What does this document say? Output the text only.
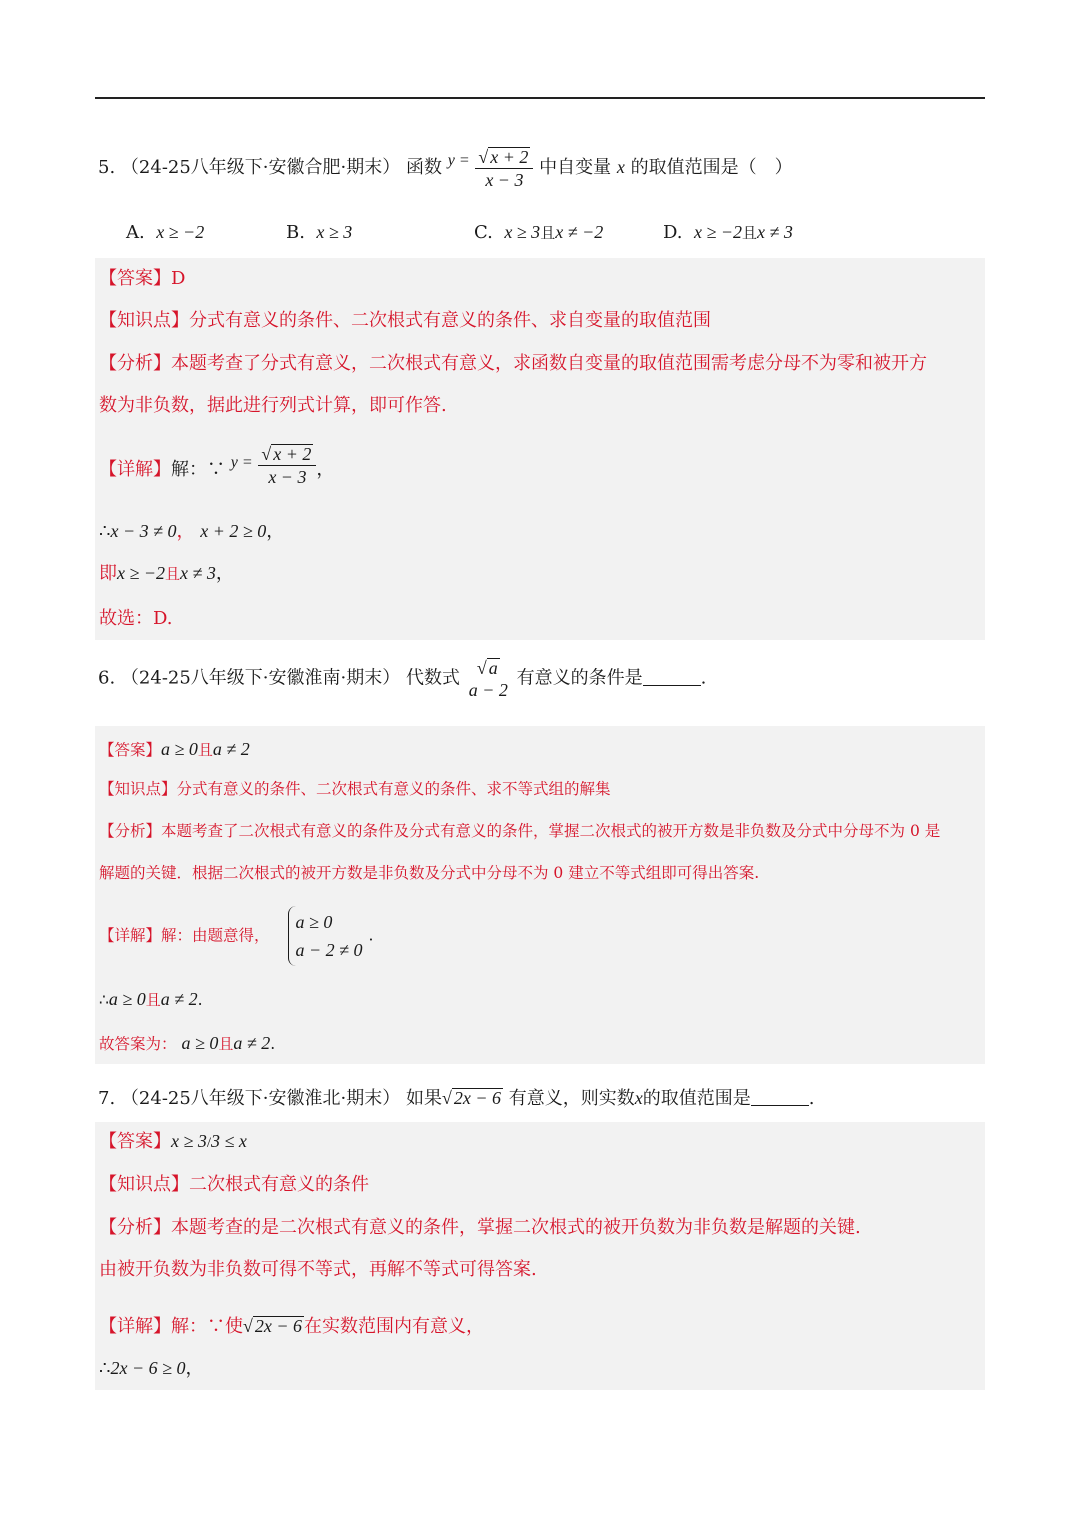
5. （24-25八年级下·安徽合肥·期末） 函数 $y = \frac{√ x + 2}{x - 3}$ 中自变量 x 的取值范围是（　）
A. x ≥ −2	B. x ≥ 3	C. x ≥ 3且x ≠ −2	D. x ≥ −2且x ≠ 3
【答案】D
【知识点】分式有意义的条件、二次根式有意义的条件、求自变量的取值范围
【分析】本题考查了分式有意义，二次根式有意义，求函数自变量的取值范围需考虑分母不为零和被开方
数为非负数，据此进行列式计算，即可作答.
【详解】解：∵ $y = \frac{√ x + 2}{x - 3}$ ，
∴x − 3 ≠ 0， x + 2 ≥ 0，
即x ≥ −2且x ≠ 3，
故选：D.
6. （24-25八年级下·安徽淮南·期末） 代数式 √ a
a − 2
有意义的条件是	.
【答案】a ≥ 0且a ≠ 2
【知识点】分式有意义的条件、二次根式有意义的条件、求不等式组的解集
【分析】本题考查了二次根式有意义的条件及分式有意义的条件，掌握二次根式的被开方数是非负数及分式中分母不为 0 是
解题的关键．根据二次根式的被开方数是非负数及分式中分母不为 0 建立不等式组即可得出答案.
【详解】解：由题意得，
a ≥ 0
a − 2 ≠ 0
.
∴a ≥ 0且a ≠ 2.
故答案为： a ≥ 0且a ≠ 2.
7. （24-25八年级下·安徽淮北·期末） 如果√ 2x − 6 有意义，则实数x的取值范围是	.
【答案】x ≥ 3/3 ≤ x
【知识点】二次根式有意义的条件
【分析】本题考查的是二次根式有意义的条件，掌握二次根式的被开负数为非负数是解题的关键.
由被开负数为非负数可得不等式，再解不等式可得答案.
【详解】解：∵使√ 2x − 6 在实数范围内有意义，
∴2x − 6 ≥ 0，
